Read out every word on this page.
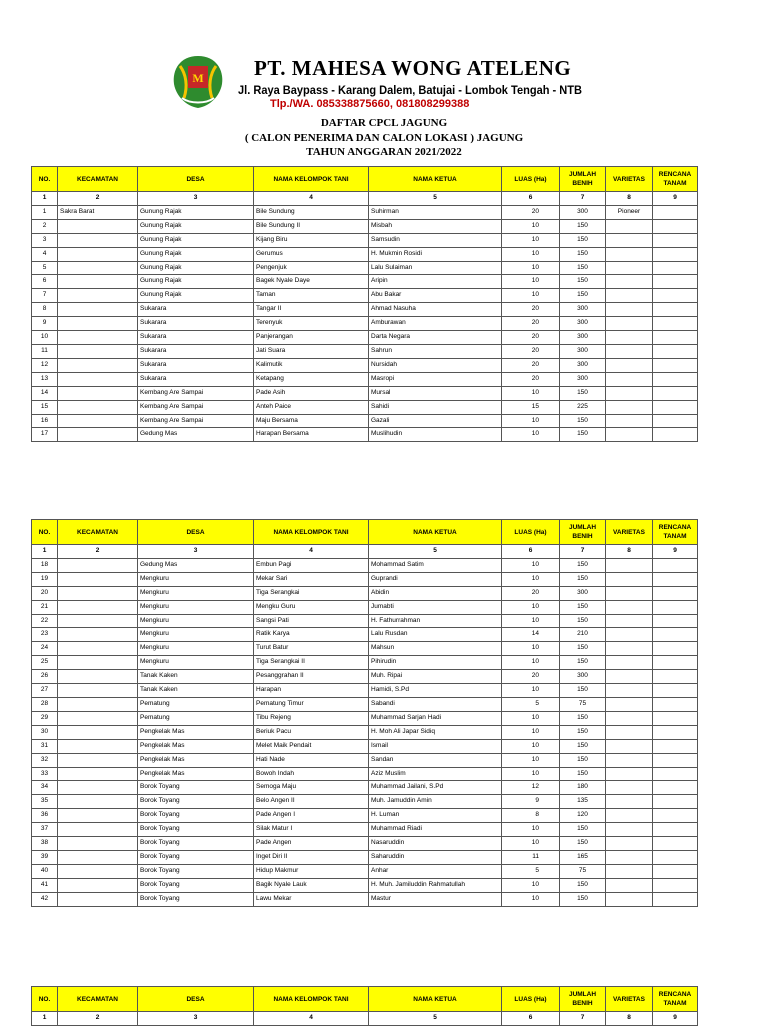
M PT. MAHESA WONG ATELENG
Jl. Raya Baypass - Karang Dalem, Batujai - Lombok Tengah - NTB
Tlp./WA. 085338875660, 081808299388
DAFTAR CPCL JAGUNG
( CALON PENERIMA DAN CALON LOKASI ) JAGUNG
TAHUN ANGGARAN 2021/2022
NO.	KECAMATAN	DESA	NAMA KELOMPOK TANI	NAMA KETUA	LUAS (Ha)	JUMLAH BENIH	VARIETAS	RENCANA TANAM
1	2	3	4	5	6	7	8	9
1	Sakra Barat	Gunung Rajak	Bile Sundung	Suhirman	20	300	Pioneer	
2		Gunung Rajak	Bile Sundung II	Misbah	10	150		
3		Gunung Rajak	Kijang Biru	Samsudin	10	150		
4		Gunung Rajak	Gerumus	H. Mukmin Rosidi	10	150		
5		Gunung Rajak	Pengenjuk	Lalu Sulaiman	10	150		
6		Gunung Rajak	Bagek Nyale Daye	Aripin	10	150		
7		Gunung Rajak	Taman	Abu Bakar	10	150		
8		Sukarara	Tangar II	Ahmad Nasuha	20	300		
9		Sukarara	Terenyuk	Amburawan	20	300		
10		Sukarara	Panjerangan	Darta Negara	20	300		
11		Sukarara	Jati Suara	Sahrun	20	300		
12		Sukarara	Kalimutik	Nursidah	20	300		
13		Sukarara	Ketapang	Masropi	20	300		
14		Kembang Are Sampai	Pade Asih	Mursal	10	150		
15		Kembang Are Sampai	Anteh Paice	Sahidi	15	225		
16		Kembang Are Sampai	Maju Bersama	Gazali	10	150		
17		Gedung Mas	Harapan Bersama	Muslihudin	10	150		
NO.	KECAMATAN	DESA	NAMA KELOMPOK TANI	NAMA KETUA	LUAS (Ha)	JUMLAH BENIH	VARIETAS	RENCANA TANAM
1	2	3	4	5	6	7	8	9
18		Gedung Mas	Embun Pagi	Mohammad Satim	10	150		
19		Mengkuru	Mekar Sari	Guprandi	10	150		
20		Mengkuru	Tiga Serangkai	Abidin	20	300		
21		Mengkuru	Mengku Guru	Jumabti	10	150		
22		Mengkuru	Sangsi Pati	H. Fathurrahman	10	150		
23		Mengkuru	Ratik Karya	Lalu Rusdan	14	210		
24		Mengkuru	Turut Batur	Mahsun	10	150		
25		Mengkuru	Tiga Serangkai II	Pihirudin	10	150		
26		Tanak Kaken	Pesanggrahan II	Muh. Ripai	20	300		
27		Tanak Kaken	Harapan	Hamidi, S.Pd	10	150		
28		Pematung	Pematung Timur	Sabandi	5	75		
29		Pematung	Tibu Rejeng	Muhammad Sarjan Hadi	10	150		
30		Pengkelak Mas	Beriuk Pacu	H. Moh Ali Japar Sidiq	10	150		
31		Pengkelak Mas	Melet Maik Pendait	Ismail	10	150		
32		Pengkelak Mas	Hati Nade	Sandan	10	150		
33		Pengkelak Mas	Bowoh Indah	Aziz Muslim	10	150		
34		Borok Toyang	Semoga Maju	Muhammad Jailani, S.Pd	12	180		
35		Borok Toyang	Belo Angen II	Muh. Jamuddin Amin	9	135		
36		Borok Toyang	Pade Angen I	H. Luman	8	120		
37		Borok Toyang	Silak Matur I	Muhammad Riadi	10	150		
38		Borok Toyang	Pade Angen	Nasaruddin	10	150		
39		Borok Toyang	Inget Diri II	Saharuddin	11	165		
40		Borok Toyang	Hidup Makmur	Anhar	5	75		
41		Borok Toyang	Bagik Nyale Lauk	H. Muh. Jamiluddin Rahmatullah	10	150		
42		Borok Toyang	Lawu Mekar	Mastur	10	150		
NO.	KECAMATAN	DESA	NAMA KELOMPOK TANI	NAMA KETUA	LUAS (Ha)	JUMLAH BENIH	VARIETAS	RENCANA TANAM
1	2	3	4	5	6	7	8	9
